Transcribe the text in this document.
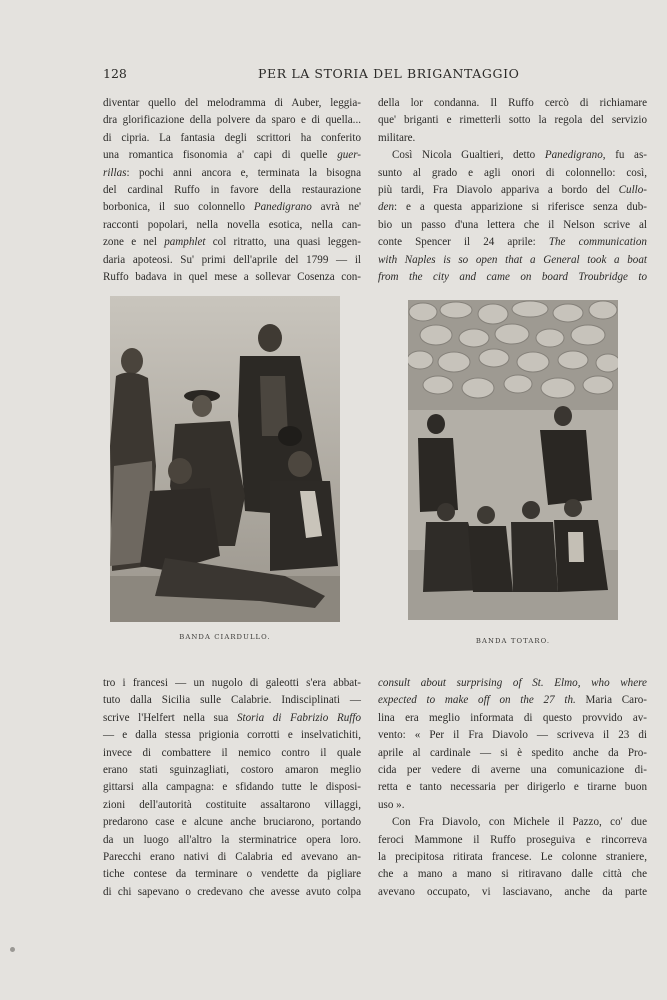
128	PER LA STORIA DEL BRIGANTAGGIO
diventar quello del melodramma di Auber, leggia-
dra glorificazione della polvere da sparo e di quella...
di cipria. La fantasia degli scrittori ha conferito
una romantica fisonomia a' capi di quelle guer-
rillas: pochi anni ancora e, terminata la bisogna
del cardinal Ruffo in favore della restaurazione
borbonica, il suo colonnello Panedigrano avrà ne'
racconti popolari, nella novella esotica, nella can-
zone e nel pamphlet col ritratto, una quasi leggen-
daria apoteosi. Su' primi dell'aprile del 1799 — il
Ruffo badava in quel mese a sollevar Cosenza con-
della lor condanna. Il Ruffo cercò di richiamare
que' briganti e rimetterli sotto la regola del servizio
militare.
Così Nicola Gualtieri, detto Panedigrano, fu as-
sunto al grado e agli onori di colonnello: così,
più tardi, Fra Diavolo appariva a bordo del Cullo-
den: e a questa apparizione si riferisce senza dub-
bio un passo d'una lettera che il Nelson scrive al
conte Spencer il 24 aprile: The communication
with Naples is so open that a General took a boat
from the city and came on board Troubridge to
BANDA CIARDULLO.	BANDA TOTARO.
tro i francesi — un nugolo di galeotti s'era abbat-
tuto dalla Sicilia sulle Calabrie. Indisciplinati —
scrive l'Helfert nella sua Storia di Fabrizio Ruffo
— e dalla stessa prigionia corrotti e inselvatichiti,
invece di combattere il nemico contro il quale
erano stati sguinzagliati, costoro amaron meglio
gittarsi alla campagna: e sfidando tutte le disposi-
zioni dell'autorità costituite assaltarono villaggi,
predarono case e alcune anche bruciarono, portando
da un luogo all'altro la sterminatrice opera loro.
Parecchi erano nativi di Calabria ed avevano an-
tiche contese da terminare o vendette da pigliare
di chi sapevano o credevano che avesse avuto colpa
consult about surprising of St. Elmo, who where
expected to make off on the 27 th. Maria Caro-
lina era meglio informata di questo provvido av-
vento: « Per il Fra Diavolo — scriveva il 23 di
aprile al cardinale — si è spedito anche da Pro-
cida per vedere di averne una comunicazione di-
retta e tanto necessaria per dirigerlo e tirarne buon
uso ».
Con Fra Diavolo, con Michele il Pazzo, co' due
feroci Mammone il Ruffo proseguiva e rincorreva
la precipitosa ritirata francese. Le colonne straniere,
che a mano a mano si ritiravano dalle città che
avevano occupato, vi lasciavano, anche da parte
